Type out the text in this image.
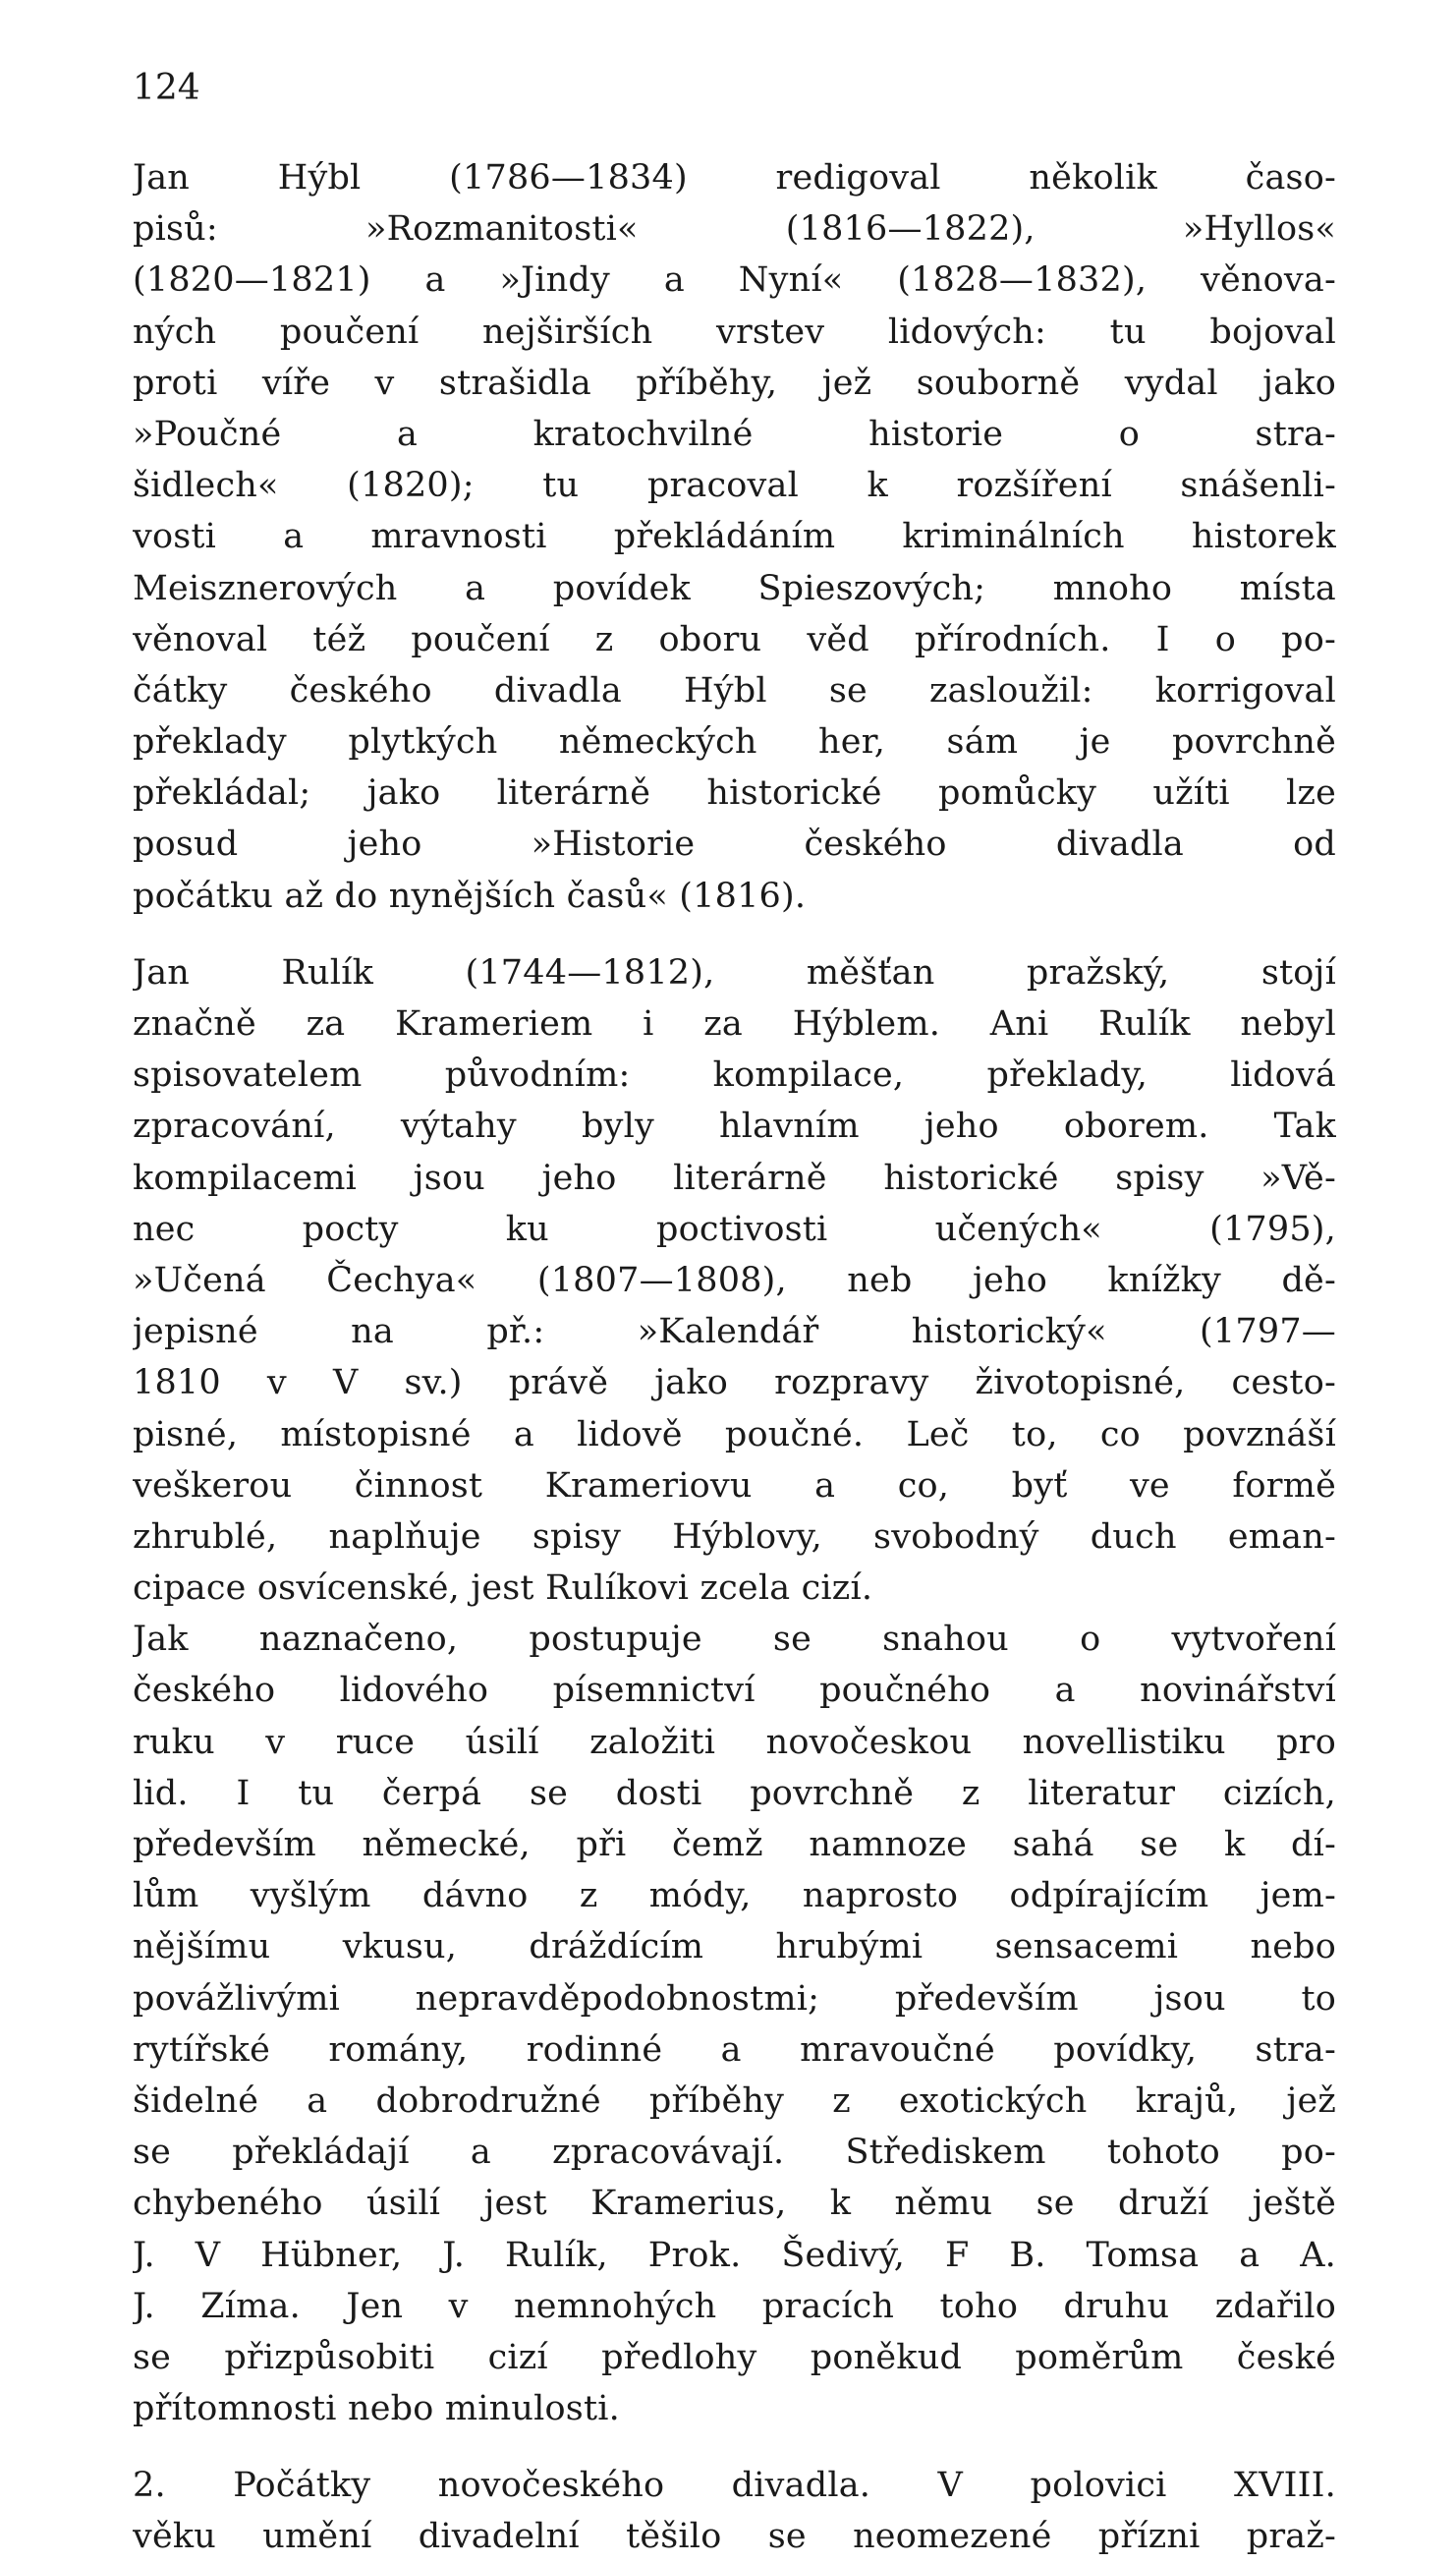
124
Jan Hýbl (1786—1834) redigoval několik časo-
pisů: »Rozmanitosti« (1816—1822), »Hyllos«
(1820—1821) a »Jindy a Nyní« (1828—1832), věnova-
ných poučení nejširších vrstev lidových: tu bojoval
proti víře v strašidla příběhy, jež souborně vydal jako
»Poučné a kratochvilné historie o stra-
šidlech« (1820); tu pracoval k rozšíření snášenli-
vosti a mravnosti překládáním kriminálních historek
Meisznerových a povídek Spieszových; mnoho místa
věnoval též poučení z oboru věd přírodních. I o po-
čátky českého divadla Hýbl se zasloužil: korrigoval
překlady plytkých německých her, sám je povrchně
překládal; jako literárně historické pomůcky užíti lze
posud jeho »Historie českého divadla od
počátku až do nynějších časů« (1816).
Jan Rulík (1744—1812), měšťan pražský, stojí
značně za Krameriem i za Hýblem. Ani Rulík nebyl
spisovatelem původním: kompilace, překlady, lidová
zpracování, výtahy byly hlavním jeho oborem. Tak
kompilacemi jsou jeho literárně historické spisy »Vě-
nec pocty ku poctivosti učených« (1795),
»Učená Čechya« (1807—1808), neb jeho knížky dě-
jepisné na př.: »Kalendář historický« (1797—
1810 v V sv.) právě jako rozpravy životopisné, cesto-
pisné, místopisné a lidově poučné. Leč to, co povznáší
veškerou činnost Krameriovu a co, byť ve formě
zhrublé, naplňuje spisy Hýblovy, svobodný duch eman-
cipace osvícenské, jest Rulíkovi zcela cizí.
Jak naznačeno, postupuje se snahou o vytvoření
českého lidového písemnictví poučného a novinářství
ruku v ruce úsilí založiti novočeskou novellistiku pro
lid. I tu čerpá se dosti povrchně z literatur cizích,
především německé, při čemž namnoze sahá se k dí-
lům vyšlým dávno z módy, naprosto odpírajícím jem-
nějšímu vkusu, dráždícím hrubými sensacemi nebo
povážlivými nepravděpodobnostmi; především jsou to
rytířské romány, rodinné a mravoučné povídky, stra-
šidelné a dobrodružné příběhy z exotických krajů, jež
se překládají a zpracovávají. Střediskem tohoto po-
chybeného úsilí jest Kramerius, k němu se druží ještě
J. V Hübner, J. Rulík, Prok. Šedivý, F B. Tomsa a A.
J. Zíma. Jen v nemnohých pracích toho druhu zdařilo
se přizpůsobiti cizí předlohy poněkud poměrům české
přítomnosti nebo minulosti.
2. Počátky novočeského divadla. V polovici XVIII.
věku umění divadelní těšilo se neomezené přízni praž-
